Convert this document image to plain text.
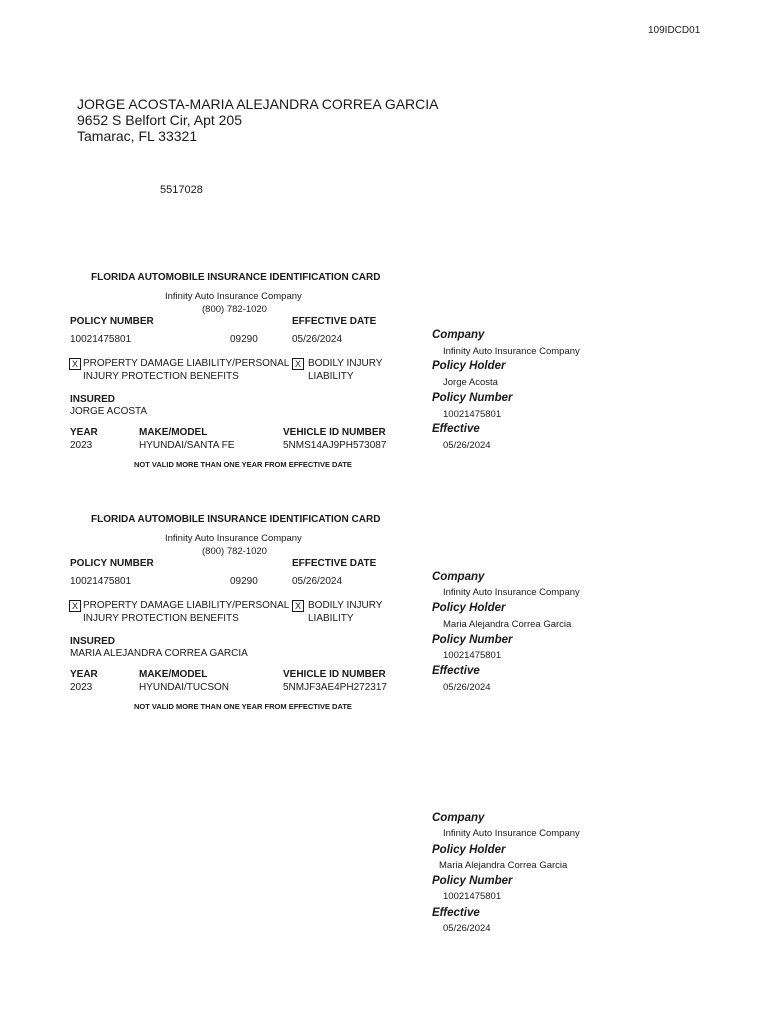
109IDCD01
JORGE ACOSTA-MARIA ALEJANDRA CORREA GARCIA
9652 S Belfort Cir, Apt 205
Tamarac, FL 33321
5517028
FLORIDA AUTOMOBILE INSURANCE IDENTIFICATION CARD
Infinity Auto Insurance Company
(800) 782-1020
POLICY NUMBER	EFFECTIVE DATE
10021475801	09290	05/26/2024
X PROPERTY DAMAGE LIABILITY/PERSONAL
INJURY PROTECTION BENEFITS
X BODILY INJURY
LIABILITY
INSURED
JORGE ACOSTA
YEAR	MAKE/MODEL	VEHICLE ID NUMBER
2023	HYUNDAI/SANTA FE	5NMS14AJ9PH573087
NOT VALID MORE THAN ONE YEAR FROM EFFECTIVE DATE
FLORIDA AUTOMOBILE INSURANCE IDENTIFICATION CARD
Infinity Auto Insurance Company
(800) 782-1020
POLICY NUMBER	EFFECTIVE DATE
10021475801	09290	05/26/2024
X PROPERTY DAMAGE LIABILITY/PERSONAL
INJURY PROTECTION BENEFITS
X BODILY INJURY
LIABILITY
INSURED
MARIA ALEJANDRA CORREA GARCIA
YEAR	MAKE/MODEL	VEHICLE ID NUMBER
2023	HYUNDAI/TUCSON	5NMJF3AE4PH272317
NOT VALID MORE THAN ONE YEAR FROM EFFECTIVE DATE
Company
Infinity Auto Insurance Company
Policy Holder
Jorge Acosta
Policy Number
10021475801
Effective
05/26/2024
Company
Infinity Auto Insurance Company
Policy Holder
Maria Alejandra Correa Garcia
Policy Number
10021475801
Effective
05/26/2024
Company
Infinity Auto Insurance Company
Policy Holder
Maria Alejandra Correa Garcia
Policy Number
10021475801
Effective
05/26/2024
